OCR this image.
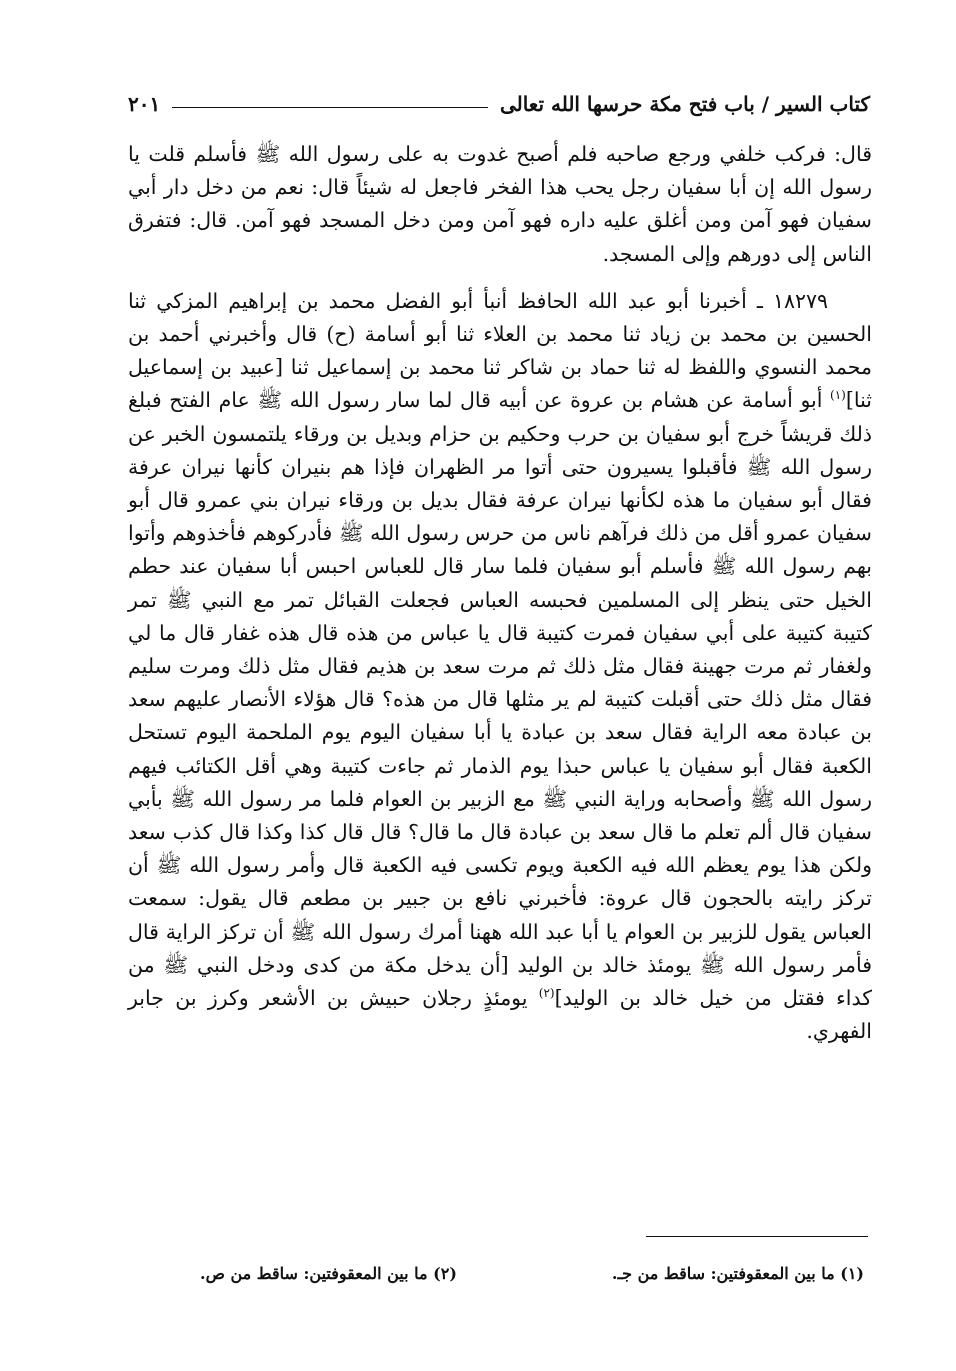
كتاب السير / باب فتح مكة حرسها الله تعالى
٢٠١

قال: فركب خلفي ورجع صاحبه فلم أصبح غدوت به على رسول الله ﷺ فأسلم قلت يا رسول الله إن أبا سفيان رجل يحب هذا الفخر فاجعل له شيئاً قال: نعم من دخل دار أبي سفيان فهو آمن ومن أغلق عليه داره فهو آمن ومن دخل المسجد فهو آمن. قال: فتفرق الناس إلى دورهم وإلى المسجد.

١٨٢٧٩ ـ أخبرنا أبو عبد الله الحافظ أنبأ أبو الفضل محمد بن إبراهيم المزكي ثنا الحسين بن محمد بن زياد ثنا محمد بن العلاء ثنا أبو أسامة (ح) قال وأخبرني أحمد بن محمد النسوي واللفظ له ثنا حماد بن شاكر ثنا محمد بن إسماعيل ثنا [عبيد بن إسماعيل ثنا]$^{(١)}$ أبو أسامة عن هشام بن عروة عن أبيه قال لما سار رسول الله ﷺ عام الفتح فبلغ ذلك قريشاً خرج أبو سفيان بن حرب وحكيم بن حزام وبديل بن ورقاء يلتمسون الخبر عن رسول الله ﷺ فأقبلوا يسيرون حتى أتوا مر الظهران فإذا هم بنيران كأنها نيران عرفة فقال أبو سفيان ما هذه لكأنها نيران عرفة فقال بديل بن ورقاء نيران بني عمرو قال أبو سفيان عمرو أقل من ذلك فرآهم ناس من حرس رسول الله ﷺ فأدركوهم فأخذوهم وأتوا بهم رسول الله ﷺ فأسلم أبو سفيان فلما سار قال للعباس احبس أبا سفيان عند حطم الخيل حتى ينظر إلى المسلمين فحبسه العباس فجعلت القبائل تمر مع النبي ﷺ تمر كتيبة كتيبة على أبي سفيان فمرت كتيبة قال يا عباس من هذه قال هذه غفار قال ما لي ولغفار ثم مرت جهينة فقال مثل ذلك ثم مرت سعد بن هذيم فقال مثل ذلك ومرت سليم فقال مثل ذلك حتى أقبلت كتيبة لم ير مثلها قال من هذه؟ قال هؤلاء الأنصار عليهم سعد بن عبادة معه الراية فقال سعد بن عبادة يا أبا سفيان اليوم يوم الملحمة اليوم تستحل الكعبة فقال أبو سفيان يا عباس حبذا يوم الذمار ثم جاءت كتيبة وهي أقل الكتائب فيهم رسول الله ﷺ وأصحابه وراية النبي ﷺ مع الزبير بن العوام فلما مر رسول الله ﷺ بأبي سفيان قال ألم تعلم ما قال سعد بن عبادة قال ما قال؟ قال قال كذا وكذا قال كذب سعد ولكن هذا يوم يعظم الله فيه الكعبة ويوم تكسى فيه الكعبة قال وأمر رسول الله ﷺ أن تركز رايته بالحجون قال عروة: فأخبرني نافع بن جبير بن مطعم قال يقول: سمعت العباس يقول للزبير بن العوام يا أبا عبد الله ههنا أمرك رسول الله ﷺ أن تركز الراية قال فأمر رسول الله ﷺ يومئذ خالد بن الوليد [أن يدخل مكة من كدى ودخل النبي ﷺ من كداء فقتل من خيل خالد بن الوليد]$^{(٢)}$ يومئذٍ رجلان حبيش بن الأشعر وكرز بن جابر الفهري.

(١) ما بين المعقوفتين: ساقط من جـ.
(٢) ما بين المعقوفتين: ساقط من ص.
